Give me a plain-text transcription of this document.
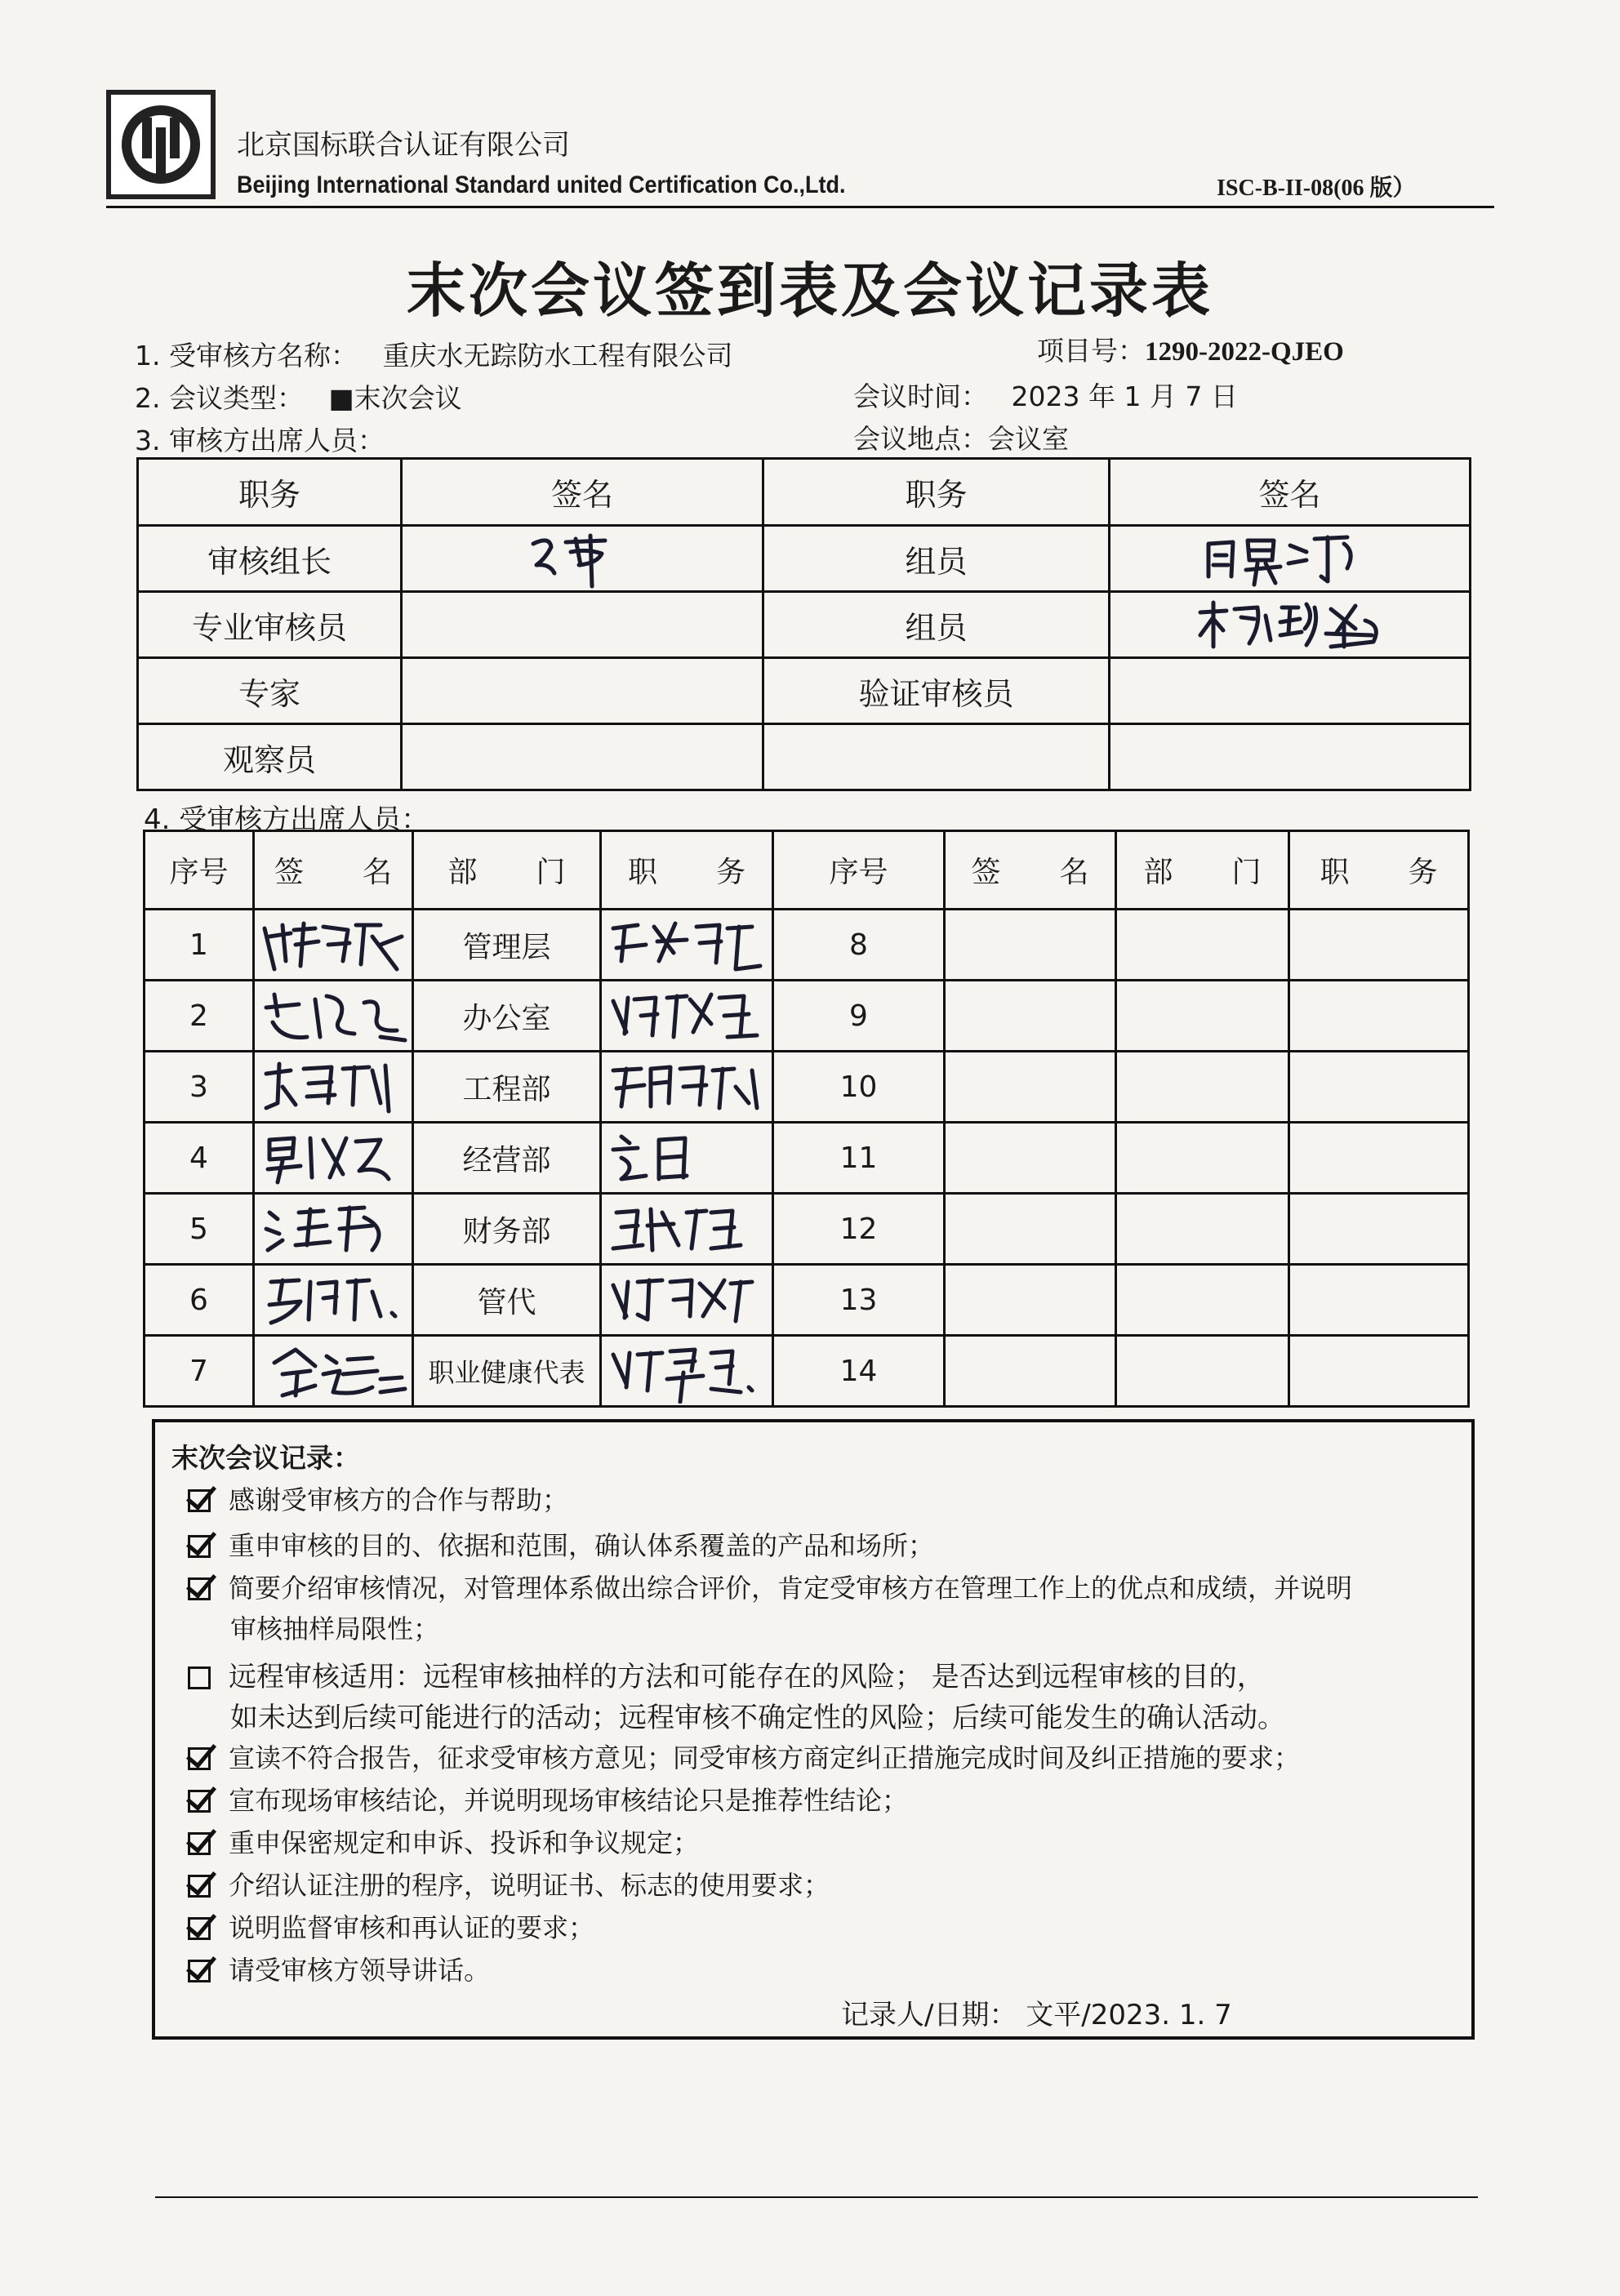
北京国标联合认证有限公司
Beijing International Standard united Certification Co.,Ltd.	ISC-B-II-08(06 版）
末次会议签到表及会议记录表
1. 受审核方名称： 重庆水无踪防水工程有限公司	项目号：1290-2022-QJEO
2. 会议类型： ■末次会议	会议时间： 2023 年 1 月 7 日
3. 审核方出席人员：	会议地点：会议室
职务	签名	职务	签名
审核组长		组员	

专业审核员		组员	

专家		验证审核员	
观察员			
4. 受审核方出席人员：
序号	签　　名	部　　门	职　　务	序号	签　　名	部　　门	职　　务
1		管理层		8			
2		办公室		9			
3		工程部		10			
4		经营部		11			
5		财务部		12			
6		管代		13			
7		职业健康代表		14			
末次会议记录：
感谢受审核方的合作与帮助；
重申审核的目的、依据和范围，确认体系覆盖的产品和场所；
简要介绍审核情况，对管理体系做出综合评价，肯定受审核方在管理工作上的优点和成绩，并说明
审核抽样局限性；
远程审核适用：远程审核抽样的方法和可能存在的风险； 是否达到远程审核的目的，
如未达到后续可能进行的活动；远程审核不确定性的风险；后续可能发生的确认活动。
宣读不符合报告，征求受审核方意见；同受审核方商定纠正措施完成时间及纠正措施的要求；
宣布现场审核结论，并说明现场审核结论只是推荐性结论；
重申保密规定和申诉、投诉和争议规定；
介绍认证注册的程序，说明证书、标志的使用要求；
说明监督审核和再认证的要求；
请受审核方领导讲话。
记录人/日期： 文平/2023. 1. 7
